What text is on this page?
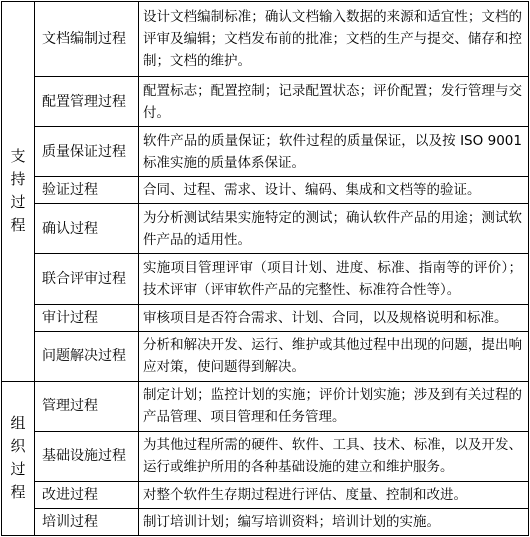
支持过程	文档编制过程	设计文档编制标准；确认文档输入数据的来源和适宜性；文档的评审及编辑；文档发布前的批准；文档的生产与提交、储存和控制；文档的维护。
	配置管理过程	配置标志；配置控制；记录配置状态；评价配置；发行管理与交付。
	质量保证过程	软件产品的质量保证；软件过程的质量保证，以及按 ISO 9001 标准实施的质量体系保证。
	验证过程	合同、过程、需求、设计、编码、集成和文档等的验证。
	确认过程	为分析测试结果实施特定的测试；确认软件产品的用途；测试软件产品的适用性。
	联合评审过程	实施项目管理评审（项目计划、进度、标准、指南等的评价）；技术评审（评审软件产品的完整性、标准符合性等）。
	审计过程	审核项目是否符合需求、计划、合同，以及规格说明和标准。
	问题解决过程	分析和解决开发、运行、维护或其他过程中出现的问题，提出响应对策，使问题得到解决。
组织过程	管理过程	制定计划；监控计划的实施；评价计划实施；涉及到有关过程的产品管理、项目管理和任务管理。
	基础设施过程	为其他过程所需的硬件、软件、工具、技术、标准，以及开发、运行或维护所用的各种基础设施的建立和维护服务。
	改进过程	对整个软件生存期过程进行评估、度量、控制和改进。
	培训过程	制订培训计划；编写培训资料；培训计划的实施。
